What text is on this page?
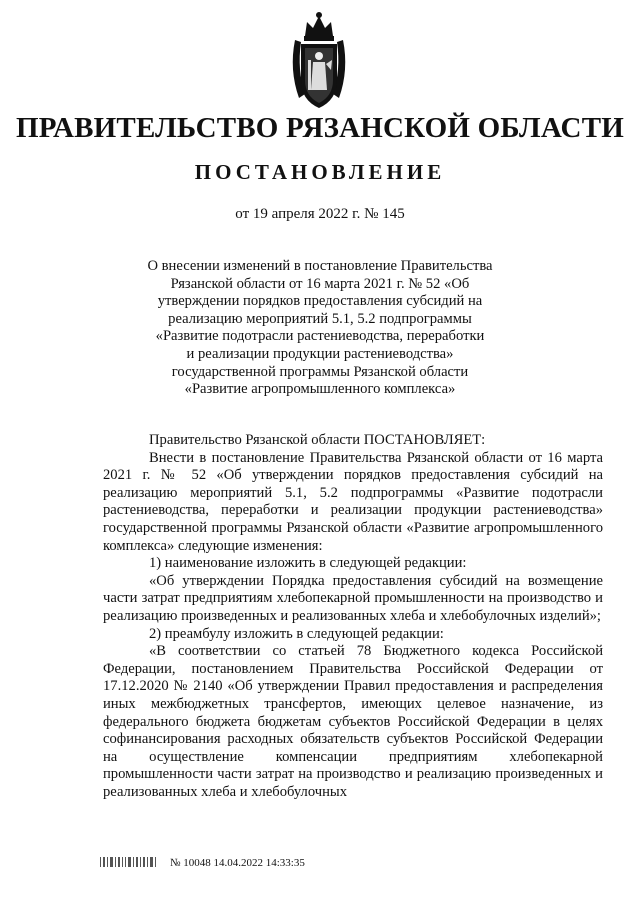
ПРАВИТЕЛЬСТВО РЯЗАНСКОЙ ОБЛАСТИ
ПОСТАНОВЛЕНИЕ
от 19 апреля 2022 г. № 145
О внесении изменений в постановление Правительства
Рязанской области от 16 марта 2021 г. № 52 «Об
утверждении порядков предоставления субсидий на
реализацию мероприятий 5.1, 5.2 подпрограммы
«Развитие подотрасли растениеводства, переработки
и реализации продукции растениеводства»
государственной программы Рязанской области
«Развитие агропромышленного комплекса»

Правительство Рязанской области ПОСТАНОВЛЯЕТ:

Внести в постановление Правительства Рязанской области от 16 марта 2021 г. № 52 «Об утверждении порядков предоставления субсидий на реализацию мероприятий 5.1, 5.2 подпрограммы «Развитие подотрасли растениеводства, переработки и реализации продукции растениеводства» государственной программы Рязанской области «Развитие агропромышленного комплекса» следующие изменения:

1) наименование изложить в следующей редакции:

«Об утверждении Порядка предоставления субсидий на возмещение части затрат предприятиям хлебопекарной промышленности на производство и реализацию произведенных и реализованных хлеба и хлебобулочных изделий»;

2) преамбулу изложить в следующей редакции:

«В соответствии со статьей 78 Бюджетного кодекса Российской Федерации, постановлением Правительства Российской Федерации от 17.12.2020 № 2140 «Об утверждении Правил предоставления и распределения иных межбюджетных трансфертов, имеющих целевое назначение, из федерального бюджета бюджетам субъектов Российской Федерации в целях софинансирования расходных обязательств субъектов Российской Федерации на осуществление компенсации предприятиям хлебопекарной промышленности части затрат на производство и реализацию произведенных и реализованных хлеба и хлебобулочных

№ 10048 14.04.2022 14:33:35
